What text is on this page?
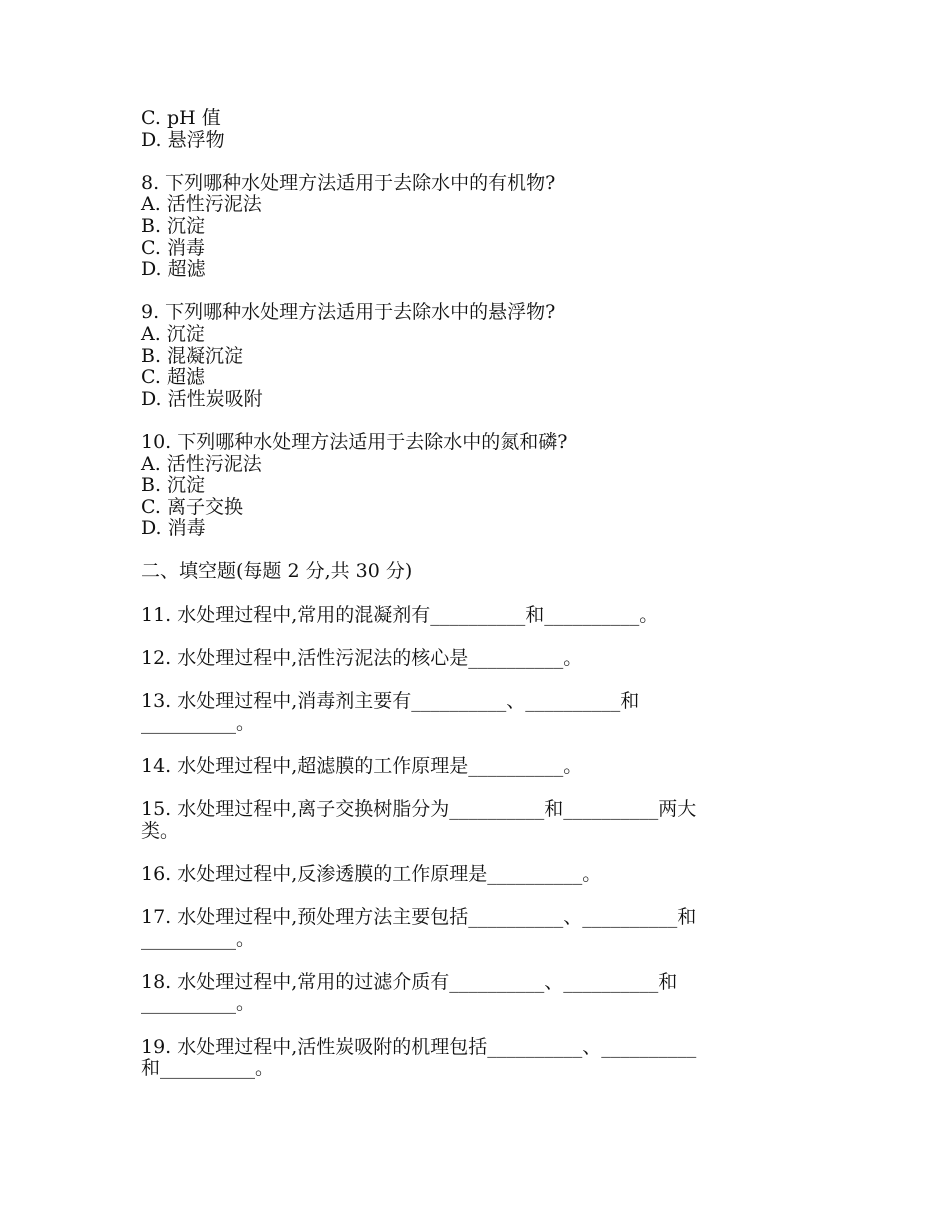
C. pH 值
D. 悬浮物
8. 下列哪种水处理方法适用于去除水中的有机物?
A. 活性污泥法
B. 沉淀
C. 消毒
D. 超滤
9. 下列哪种水处理方法适用于去除水中的悬浮物?
A. 沉淀
B. 混凝沉淀
C. 超滤
D. 活性炭吸附
10. 下列哪种水处理方法适用于去除水中的氮和磷?
A. 活性污泥法
B. 沉淀
C. 离子交换
D. 消毒
二、填空题(每题 2 分,共 30 分)
11. 水处理过程中,常用的混凝剂有__________和__________。
12. 水处理过程中,活性污泥法的核心是__________。
13. 水处理过程中,消毒剂主要有__________、__________和
__________。
14. 水处理过程中,超滤膜的工作原理是__________。
15. 水处理过程中,离子交换树脂分为__________和__________两大
类。
16. 水处理过程中,反渗透膜的工作原理是__________。
17. 水处理过程中,预处理方法主要包括__________、__________和
__________。
18. 水处理过程中,常用的过滤介质有__________、__________和
__________。
19. 水处理过程中,活性炭吸附的机理包括__________、__________
和__________。
